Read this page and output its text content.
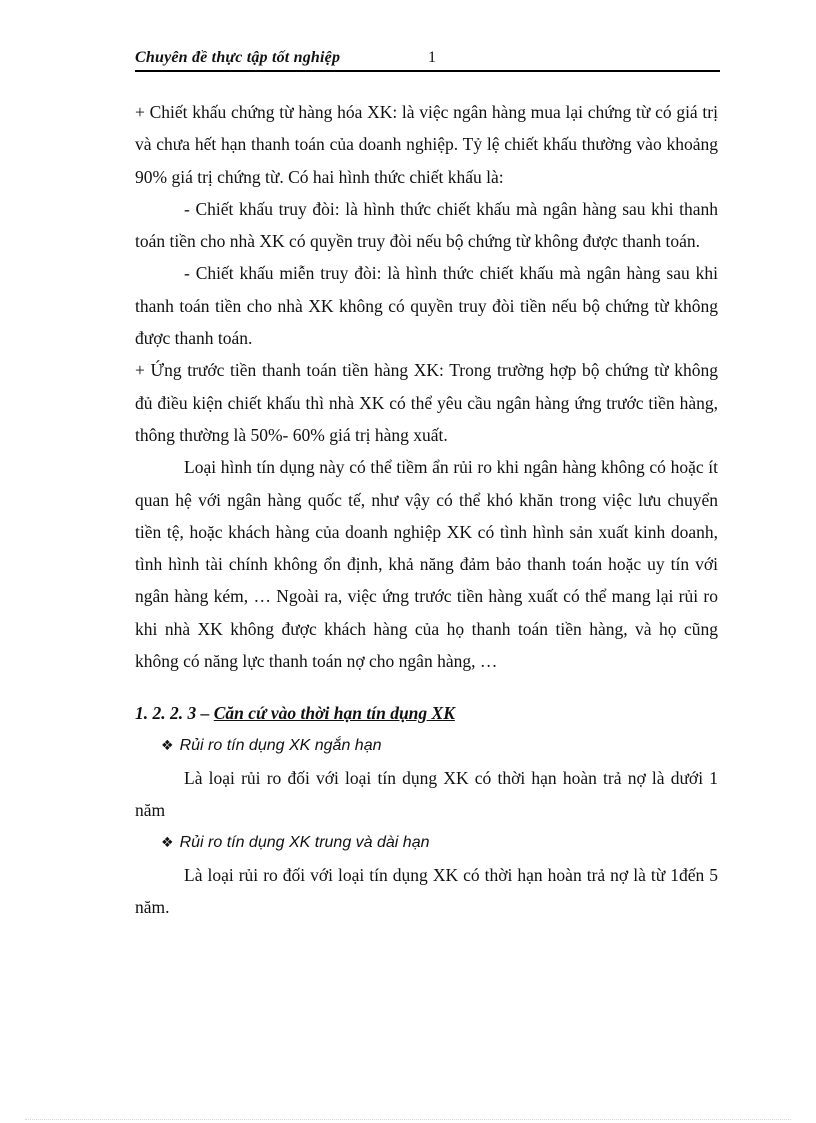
Chuyên đề thực tập tốt nghiệp	1

+ Chiết khấu chứng từ hàng hóa XK: là việc ngân hàng mua lại chứng từ có giá trị và chưa hết hạn thanh toán của doanh nghiệp. Tỷ lệ chiết khấu thường vào khoảng 90% giá trị chứng từ. Có hai hình thức chiết khấu là:

- Chiết khấu truy đòi: là hình thức chiết khấu mà ngân hàng sau khi thanh toán tiền cho nhà XK có quyền truy đòi nếu bộ chứng từ không được thanh toán.

- Chiết khấu miễn truy đòi: là hình thức chiết khấu mà ngân hàng sau khi thanh toán tiền cho nhà XK không có quyền truy đòi tiền nếu bộ chứng từ không được thanh toán.

+ Ứng trước tiền thanh toán tiền hàng XK: Trong trường hợp bộ chứng từ không đủ điều kiện chiết khấu thì nhà XK có thể yêu cầu ngân hàng ứng trước tiền hàng, thông thường là 50%- 60% giá trị hàng xuất.

Loại hình tín dụng này có thể tiềm ẩn rủi ro khi ngân hàng không có hoặc ít quan hệ với ngân hàng quốc tế, như vậy có thể khó khăn trong việc lưu chuyển tiền tệ, hoặc khách hàng của doanh nghiệp XK có tình hình sản xuất kinh doanh, tình hình tài chính không ổn định, khả năng đảm bảo thanh toán hoặc uy tín với ngân hàng kém, … Ngoài ra, việc ứng trước tiền hàng xuất có thể mang lại rủi ro khi nhà XK không được khách hàng của họ thanh toán tiền hàng, và họ cũng không có năng lực thanh toán nợ cho ngân hàng, …

1. 2. 2. 3 – Căn cứ vào thời hạn tín dụng XK

❖ Rủi ro tín dụng XK ngắn hạn

Là loại rủi ro đối với loại tín dụng XK có thời hạn hoàn trả nợ là dưới 1 năm

❖ Rủi ro tín dụng XK trung và dài hạn

Là loại rủi ro đối với loại tín dụng XK có thời hạn hoàn trả nợ là từ 1đến 5 năm.
